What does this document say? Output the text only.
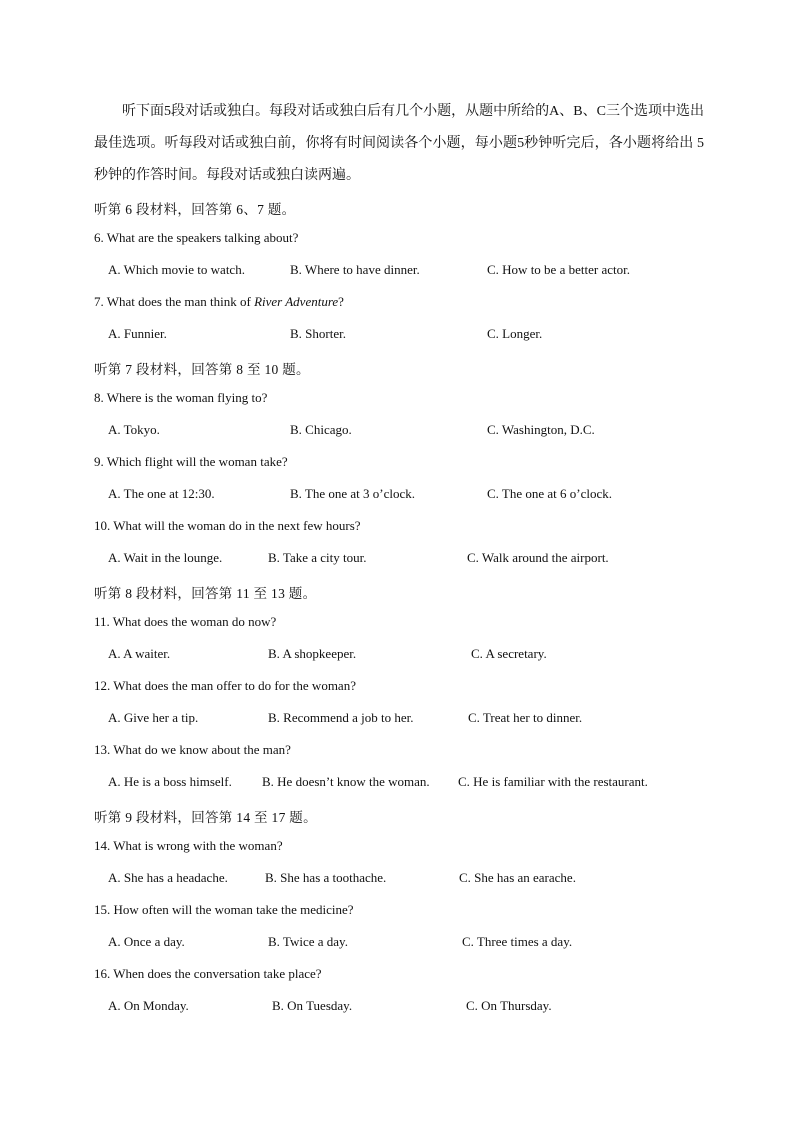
听下面5段对话或独白。每段对话或独白后有几个小题，从题中所给的A、B、C三个选项中选出最佳选项。听每段对话或独白前，你将有时间阅读各个小题，每小题5秒钟听完后，各小题将给出 5 秒钟的作答时间。每段对话或独白读两遍。

听第 6 段材料，回答第 6、7 题。
6. What are the speakers talking about?
A. Which movie to watch.	B. Where to have dinner.	C. How to be a better actor.
7. What does the man think of River Adventure?
A. Funnier.	B. Shorter.	C. Longer.
听第 7 段材料，回答第 8 至 10 题。
8. Where is the woman flying to?
A. Tokyo.	B. Chicago.	C. Washington, D.C.
9. Which flight will the woman take?
A. The one at 12:30.	B. The one at 3 o’clock.	C. The one at 6 o’clock.
10. What will the woman do in the next few hours?
A. Wait in the lounge.	B. Take a city tour.	C. Walk around the airport.
听第 8 段材料，回答第 11 至 13 题。
11. What does the woman do now?
A. A waiter.	B. A shopkeeper.	C. A secretary.
12. What does the man offer to do for the woman?
A. Give her a tip.	B. Recommend a job to her.	C. Treat her to dinner.
13. What do we know about the man?
A. He is a boss himself. B. He doesn’t know the woman. C. He is familiar with the restaurant.
听第 9 段材料，回答第 14 至 17 题。
14. What is wrong with the woman?
A. She has a headache.	B. She has a toothache.	C. She has an earache.
15. How often will the woman take the medicine?
A. Once a day.	B. Twice a day.	C. Three times a day.
16. When does the conversation take place?
A. On Monday.	B. On Tuesday.	C. On Thursday.
